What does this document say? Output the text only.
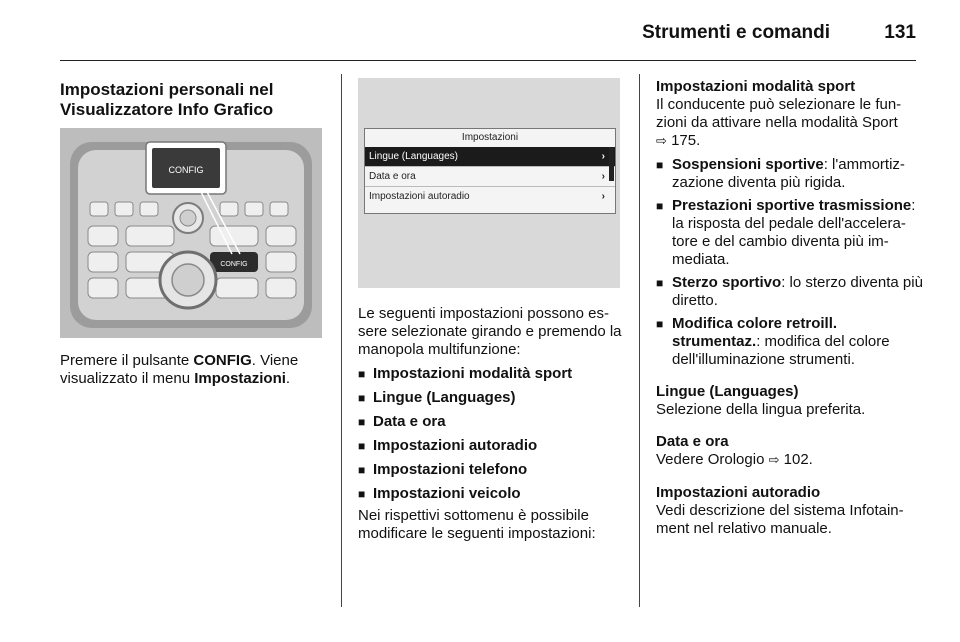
Strumenti e comandi	131

Impostazioni personali nel
Visualizzatore Info Grafico

CONFIG
CONFIG

Premere il pulsante CONFIG. Viene visualizzato il menu Impostazioni.

Impostazioni
Lingue (Languages)	›
Data e ora	›
Impostazioni autoradio	›

Le seguenti impostazioni possono es-sere selezionate girando e premendo la manopola multifunzione:

■ Impostazioni modalità sport
■ Lingue (Languages)
■ Data e ora
■ Impostazioni autoradio
■ Impostazioni telefono
■ Impostazioni veicolo

Nei rispettivi sottomenu è possibile modificare le seguenti impostazioni:

Impostazioni modalità sport

Il conducente può selezionare le fun-zioni da attivare nella modalità Sport
⇨ 175.

■ Sospensioni sportive: l'ammortiz-zazione diventa più rigida.
■ Prestazioni sportive trasmissione: la risposta del pedale dell'accelera-tore e del cambio diventa più im-mediata.
■ Sterzo sportivo: lo sterzo diventa più diretto.
■ Modifica colore retroill. strumentaz.: modifica del colore dell'illuminazione strumenti.

Lingue (Languages)

Selezione della lingua preferita.

Data e ora

Vedere Orologio ⇨ 102.

Impostazioni autoradio

Vedi descrizione del sistema Infotain-ment nel relativo manuale.
